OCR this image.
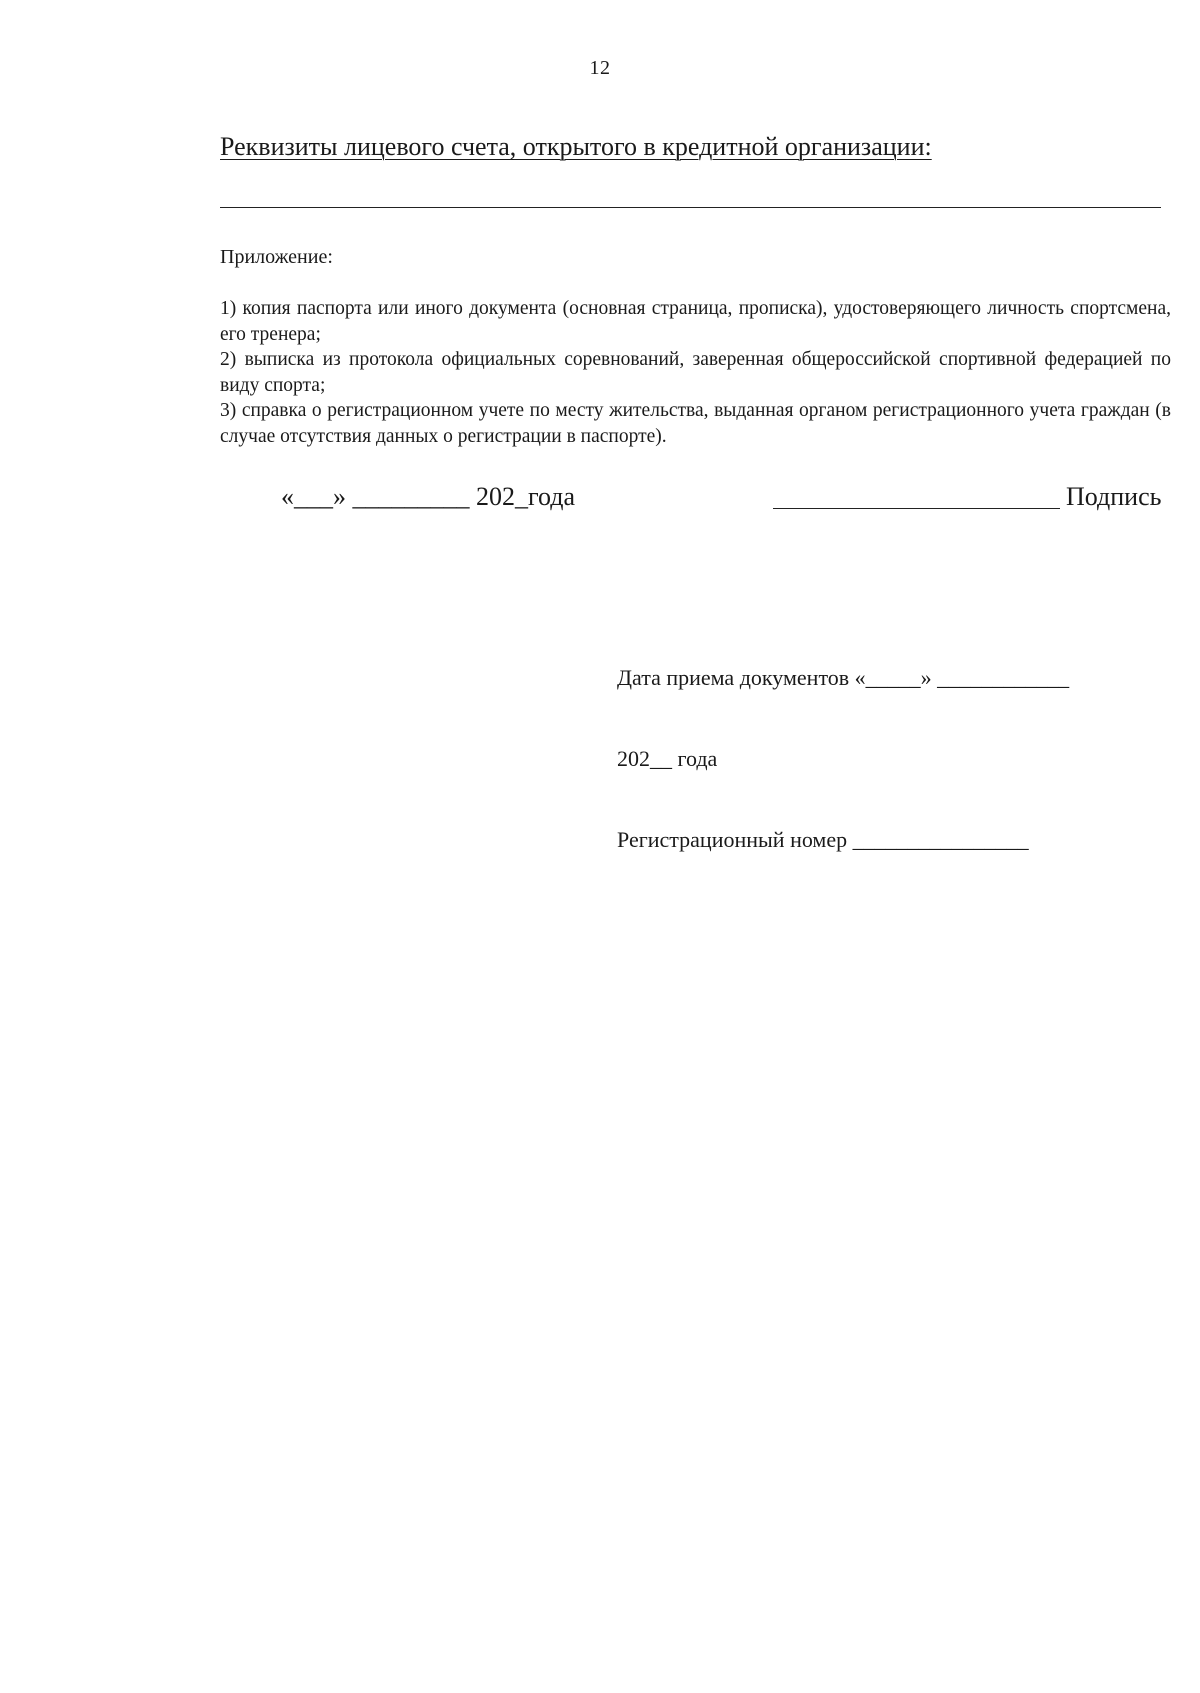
12
Реквизиты лицевого счета, открытого в кредитной организации:
Приложение:

1) копия паспорта или иного документа (основная страница, прописка), удостоверяющего личность спортсмена, его тренера;

2) выписка из протокола официальных соревнований, заверенная общероссийской спортивной федерацией по виду спорта;

3) справка о регистрационном учете по месту жительства, выданная органом регистрационного учета граждан (в случае отсутствия данных о регистрации в паспорте).

«___» _________ 202_года	Подпись

Дата приема документов «_____» ____________

202__ года

Регистрационный номер ________________
